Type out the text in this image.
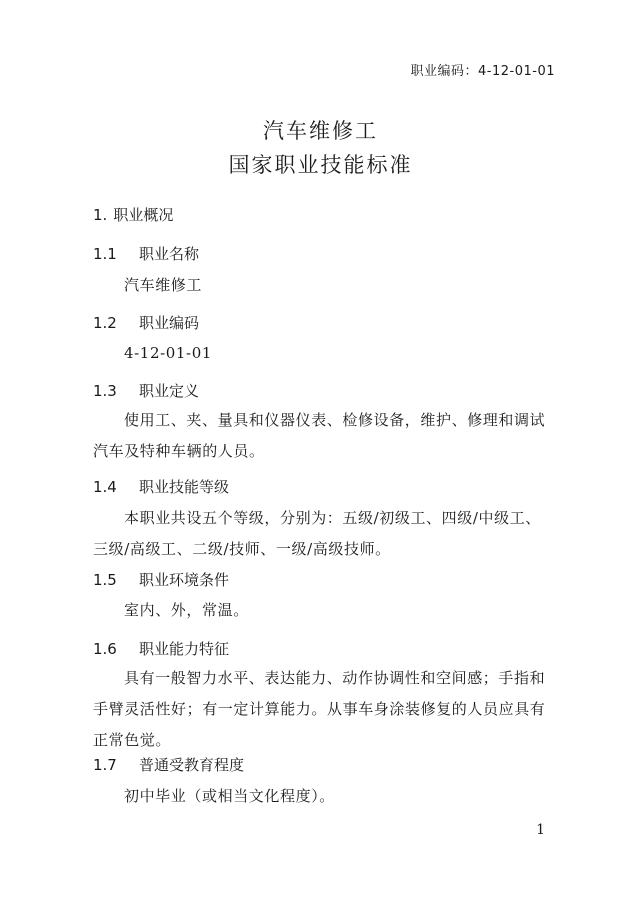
职业编码：4-12-01-01
汽车维修工
国家职业技能标准
1. 职业概况
1.1 职业名称
汽车维修工
1.2 职业编码
4-12-01-01
1.3 职业定义
使用工、夹、量具和仪器仪表、检修设备，维护、修理和调试
汽车及特种车辆的人员。
1.4 职业技能等级
本职业共设五个等级，分别为：五级/初级工、四级/中级工、
三级/高级工、二级/技师、一级/高级技师。
1.5 职业环境条件
室内、外，常温。
1.6 职业能力特征
具有一般智力水平、表达能力、动作协调性和空间感；手指和
手臂灵活性好；有一定计算能力。从事车身涂装修复的人员应具有
正常色觉。
1.7 普通受教育程度
初中毕业（或相当文化程度）。
1
